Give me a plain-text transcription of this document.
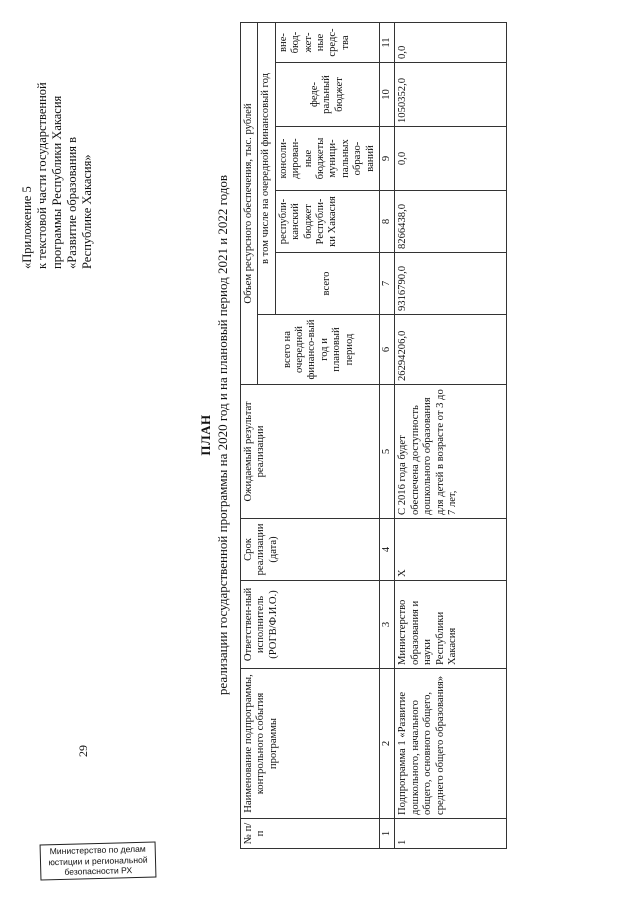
29
«Приложение 5 к текстовой части государственной программы Республики Хакасия «Развитие образования в Республике Хакасия»
ПЛАН реализации государственной программы на 2020 год и на плановый период 2021 и 2022 годов
№ п/п	Наименование подпрограммы, контрольного события программы	Ответствен-ный исполнитель (РОГВ/Ф.И.О.)	Срок реализации (дата)	Ожидаемый результат реализации	Объем ресурсного обеспечения, тыс. рублей					
					всего на очередной финансо-вый год и плановый период	в том числе на очередной финансовый год				
						всего	республи-канский бюджет Республи-ки Хакасия	консоли-дирован-ные бюджеты муници-пальных образо-ваний	феде-ральный бюджет	вне-бюд-жет-ные средс-тва
1	2	3	4	5	6	7	8	9	10	11
1	Подпрограмма 1 «Развитие дошкольного, начального общего, основного общего, среднего общего образования»	Министерство образования и науки Республики Хакасия	Х	С 2016 года будет обеспечена доступность дошкольного образования для детей в возрасте от 3 до 7 лет,	26294206,0	9316790,0	8266438,0	0,0	1050352,0	0,0
Министерство по делам
юстиции и региональной
безопасности РХ
